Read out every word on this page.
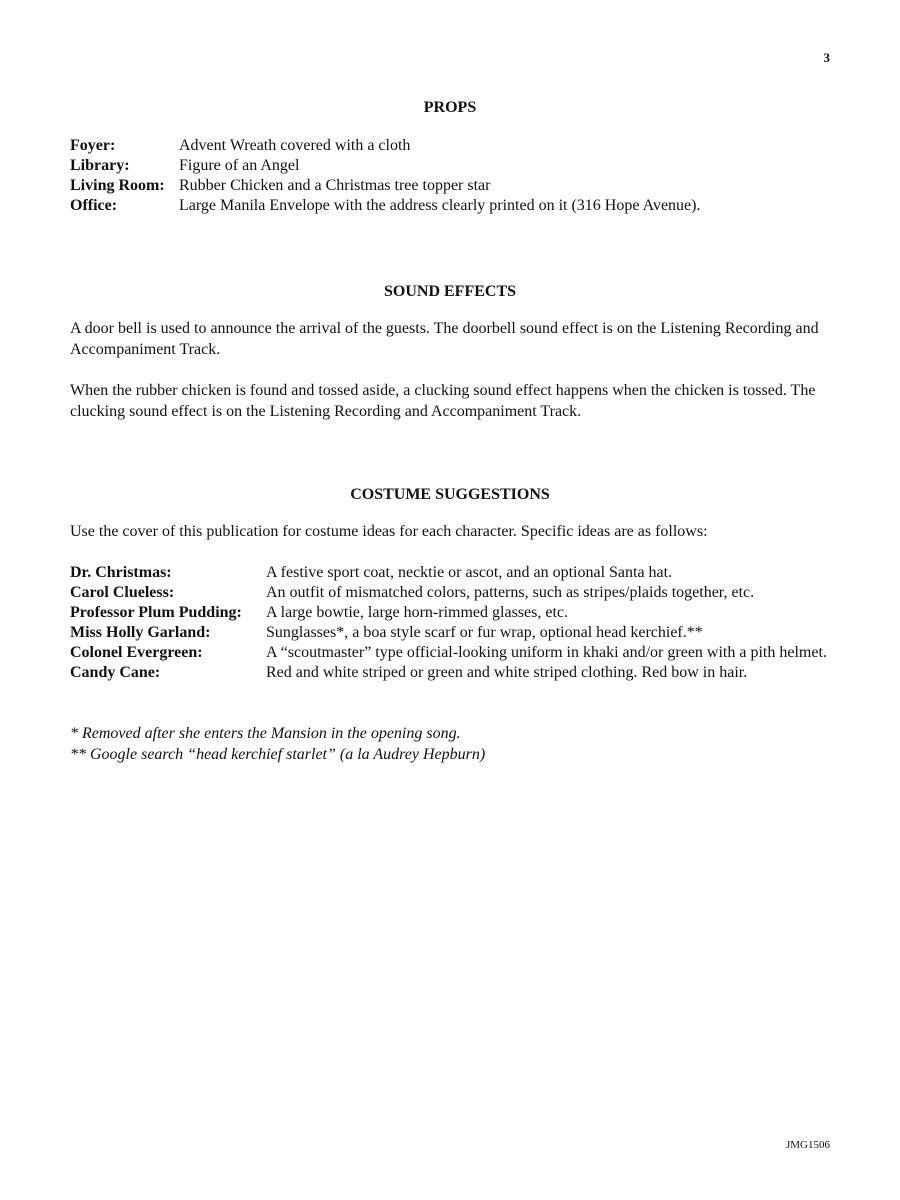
3
PROPS
Foyer:	Advent Wreath covered with a cloth
Library:	Figure of an Angel
Living Room: Rubber Chicken and a Christmas tree topper star
Office:	Large Manila Envelope with the address clearly printed on it (316 Hope Avenue).
SOUND EFFECTS
A door bell is used to announce the arrival of the guests. The doorbell sound effect is on the Listening Recording and Accompaniment Track.
When the rubber chicken is found and tossed aside, a clucking sound effect happens when the chicken is tossed. The clucking sound effect is on the Listening Recording and Accompaniment Track.
COSTUME SUGGESTIONS
Use the cover of this publication for costume ideas for each character. Specific ideas are as follows:
Dr. Christmas:	A festive sport coat, necktie or ascot, and an optional Santa hat.
Carol Clueless:	An outfit of mismatched colors, patterns, such as stripes/plaids together, etc.
Professor Plum Pudding:	A large bowtie, large horn-rimmed glasses, etc.
Miss Holly Garland:	Sunglasses*, a boa style scarf or fur wrap, optional head kerchief.**
Colonel Evergreen:	A “scoutmaster” type official-looking uniform in khaki and/or green with a pith helmet.
Candy Cane:	Red and white striped or green and white striped clothing. Red bow in hair.
* Removed after she enters the Mansion in the opening song.
** Google search “head kerchief starlet” (a la Audrey Hepburn)
JMG1506
